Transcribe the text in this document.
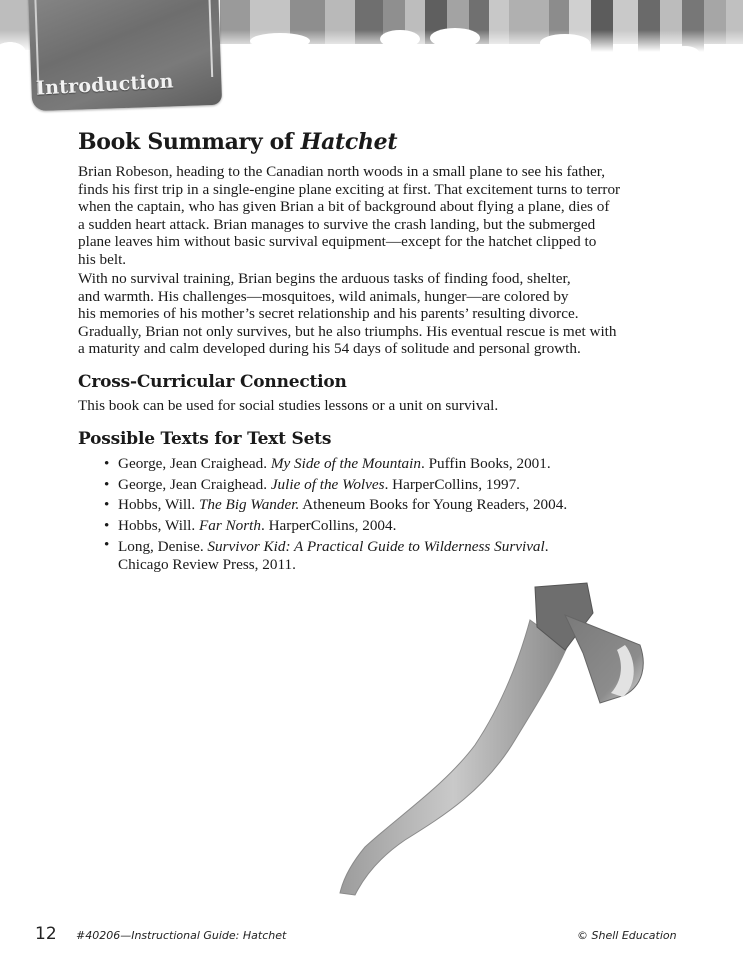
Introduction
Book Summary of Hatchet
Brian Robeson, heading to the Canadian north woods in a small plane to see his father,
finds his first trip in a single-engine plane exciting at first. That excitement turns to terror
when the captain, who has given Brian a bit of background about flying a plane, dies of
a sudden heart attack. Brian manages to survive the crash landing, but the submerged
plane leaves him without basic survival equipment—except for the hatchet clipped to
his belt.
With no survival training, Brian begins the arduous tasks of finding food, shelter,
and warmth. His challenges—mosquitoes, wild animals, hunger—are colored by
his memories of his mother’s secret relationship and his parents’ resulting divorce.
Gradually, Brian not only survives, but he also triumphs. His eventual rescue is met with
a maturity and calm developed during his 54 days of solitude and personal growth.
Cross-Curricular Connection
This book can be used for social studies lessons or a unit on survival.
Possible Texts for Text Sets
• George, Jean Craighead. My Side of the Mountain. Puffin Books, 2001.
• George, Jean Craighead. Julie of the Wolves. HarperCollins, 1997.
• Hobbs, Will. The Big Wander. Atheneum Books for Young Readers, 2004.
• Hobbs, Will. Far North. HarperCollins, 2004.
• Long, Denise. Survivor Kid: A Practical Guide to Wilderness Survival.
Chicago Review Press, 2011.
12 #40206—Instructional Guide: Hatchet	© Shell Education
